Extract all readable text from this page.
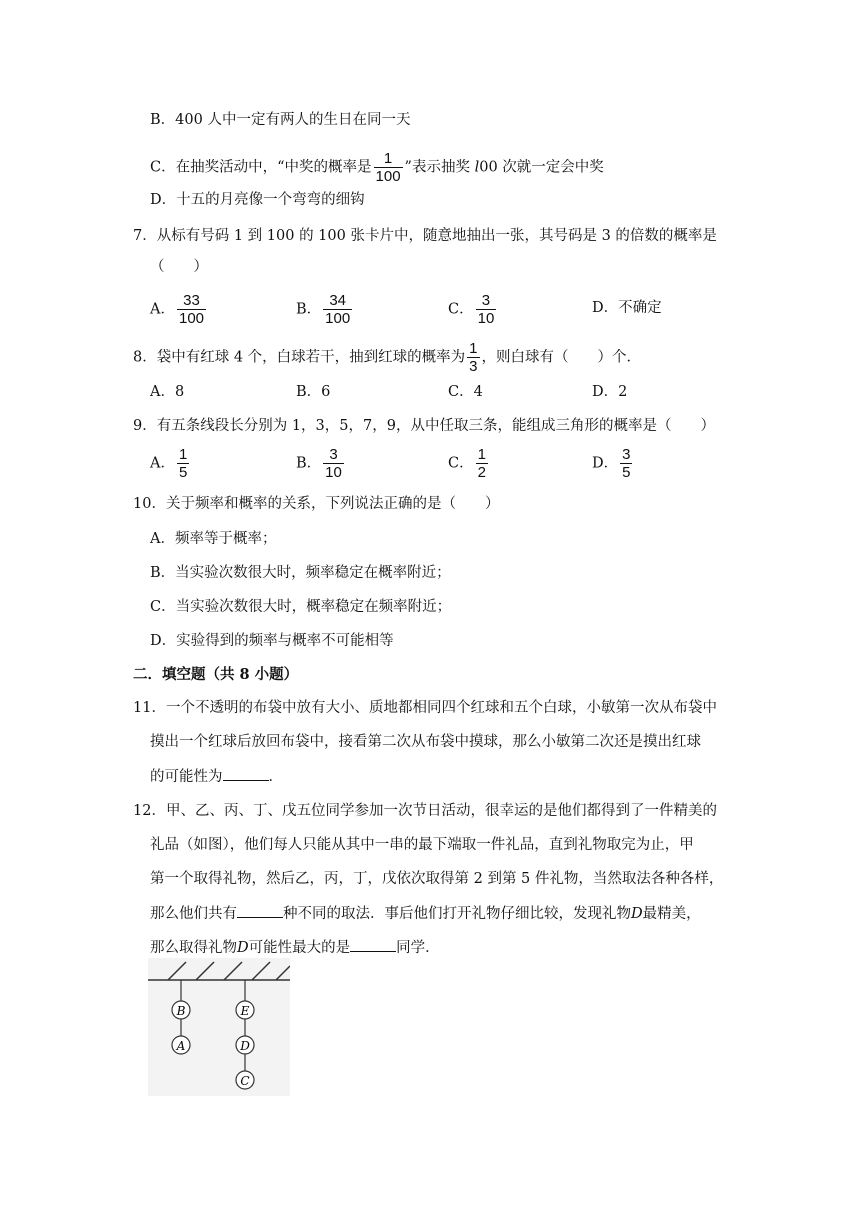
B．400 人中一定有两人的生日在同一天
C．在抽奖活动中，“中奖的概率是 $\frac{1}{100}$ ”表示抽奖 l00 次就一定会中奖
D．十五的月亮像一个弯弯的细钩
7．从标有号码 1 到 100 的 100 张卡片中，随意地抽出一张，其号码是 3 的倍数的概率是
（　　）
A． $\frac{33}{100}$	B． $\frac{34}{100}$	C． $\frac{3}{10}$	D．不确定
8．袋中有红球 4 个，白球若干，抽到红球的概率为 $\frac{1}{3}$ ，则白球有（　　）个．
A．8	B．6	C．4	D．2
9．有五条线段长分别为 1，3，5，7，9，从中任取三条，能组成三角形的概率是（　　）
A． $\frac{1}{5}$	B． $\frac{3}{10}$	C． $\frac{1}{2}$	D． $\frac{3}{5}$
10．关于频率和概率的关系，下列说法正确的是（　　）
A．频率等于概率；
B．当实验次数很大时，频率稳定在概率附近；
C．当实验次数很大时，概率稳定在频率附近；
D．实验得到的频率与概率不可能相等
二．填空题（共 8 小题）
11．一个不透明的布袋中放有大小、质地都相同四个红球和五个白球，小敏第一次从布袋中
摸出一个红球后放回布袋中，接看第二次从布袋中摸球，那么小敏第二次还是摸出红球
的可能性为	．
12．甲、乙、丙、丁、戊五位同学参加一次节日活动，很幸运的是他们都得到了一件精美的
礼品（如图），他们每人只能从其中一串的最下端取一件礼品，直到礼物取完为止，甲
第一个取得礼物，然后乙，丙，丁，戊依次取得第 2 到第 5 件礼物，当然取法各种各样，
那么他们共有	种不同的取法．事后他们打开礼物仔细比较，发现礼物D最精美，
那么取得礼物D可能性最大的是	同学．
B
A
E
D
C
